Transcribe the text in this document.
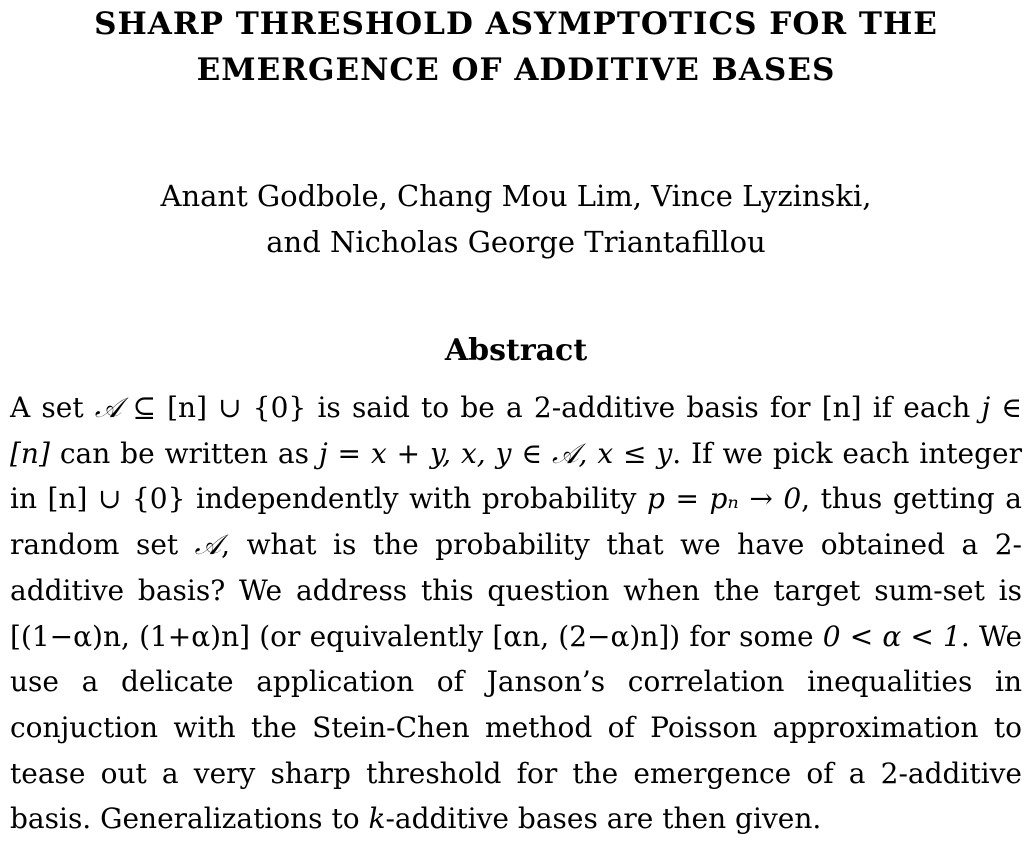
SHARP THRESHOLD ASYMPTOTICS FOR THE
EMERGENCE OF ADDITIVE BASES
Anant Godbole, Chang Mou Lim, Vince Lyzinski,
and Nicholas George Triantafillou
Abstract

A set 𝒜 ⊆ [n] ∪ {0} is said to be a 2-additive basis for [n] if each j ∈ [n] can be written as j = x + y, x, y ∈ 𝒜, x ≤ y. If we pick each integer in [n] ∪ {0} independently with probability p = pₙ → 0, thus getting a random set 𝒜, what is the probability that we have obtained a 2-additive basis? We address this question when the target sum-set is [(1−α)n, (1+α)n] (or equivalently [αn, (2−α)n]) for some 0 < α < 1. We use a delicate application of Janson’s correlation inequalities in conjuction with the Stein-Chen method of Poisson approximation to tease out a very sharp threshold for the emergence of a 2-additive basis. Generalizations to k-additive bases are then given.
